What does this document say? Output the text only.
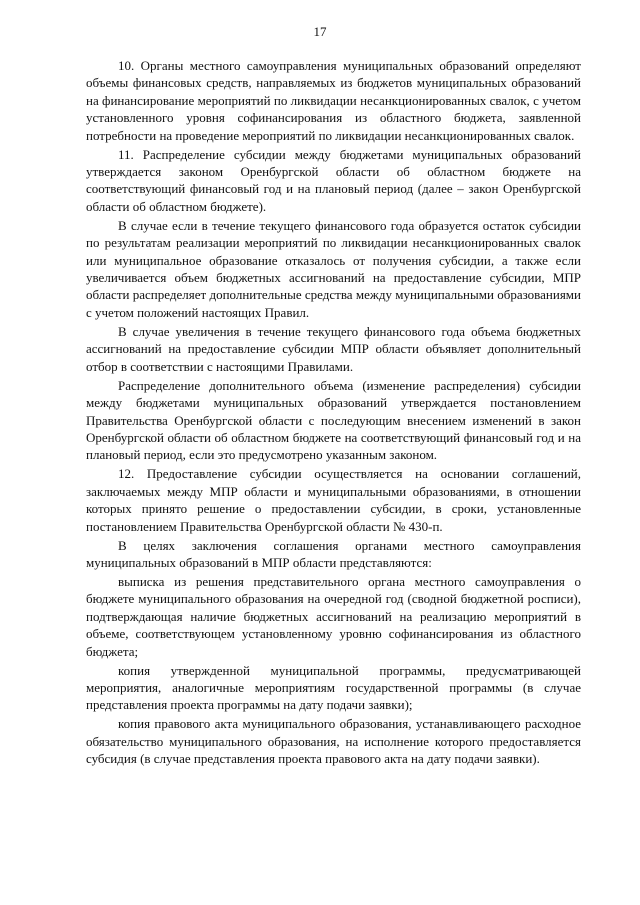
17

10. Органы местного самоуправления муниципальных образований определяют объемы финансовых средств, направляемых из бюджетов муниципальных образований на финансирование мероприятий по ликвидации несанкционированных свалок, с учетом установленного уровня софинансирования из областного бюджета, заявленной потребности на проведение мероприятий по ликвидации несанкционированных свалок.

11. Распределение субсидии между бюджетами муниципальных образований утверждается законом Оренбургской области об областном бюджете на соответствующий финансовый год и на плановый период (далее – закон Оренбургской области об областном бюджете).

В случае если в течение текущего финансового года образуется остаток субсидии по результатам реализации мероприятий по ликвидации несанкционированных свалок или муниципальное образование отказалось от получения субсидии, а также если увеличивается объем бюджетных ассигнований на предоставление субсидии, МПР области распределяет дополнительные средства между муниципальными образованиями с учетом положений настоящих Правил.

В случае увеличения в течение текущего финансового года объема бюджетных ассигнований на предоставление субсидии МПР области объявляет дополнительный отбор в соответствии с настоящими Правилами.

Распределение дополнительного объема (изменение распределения) субсидии между бюджетами муниципальных образований утверждается постановлением Правительства Оренбургской области с последующим внесением изменений в закон Оренбургской области об областном бюджете на соответствующий финансовый год и на плановый период, если это предусмотрено указанным законом.

12. Предоставление субсидии осуществляется на основании соглашений, заключаемых между МПР области и муниципальными образованиями, в отношении которых принято решение о предоставлении субсидии, в сроки, установленные постановлением Правительства Оренбургской области № 430-п.

В целях заключения соглашения органами местного самоуправления муниципальных образований в МПР области представляются:

выписка из решения представительного органа местного самоуправления о бюджете муниципального образования на очередной год (сводной бюджетной росписи), подтверждающая наличие бюджетных ассигнований на реализацию мероприятий в объеме, соответствующем установленному уровню софинансирования из областного бюджета;

копия утвержденной муниципальной программы, предусматривающей мероприятия, аналогичные мероприятиям государственной программы (в случае представления проекта программы на дату подачи заявки);

копия правового акта муниципального образования, устанавливающего расходное обязательство муниципального образования, на исполнение которого предоставляется субсидия (в случае представления проекта правового акта на дату подачи заявки).
